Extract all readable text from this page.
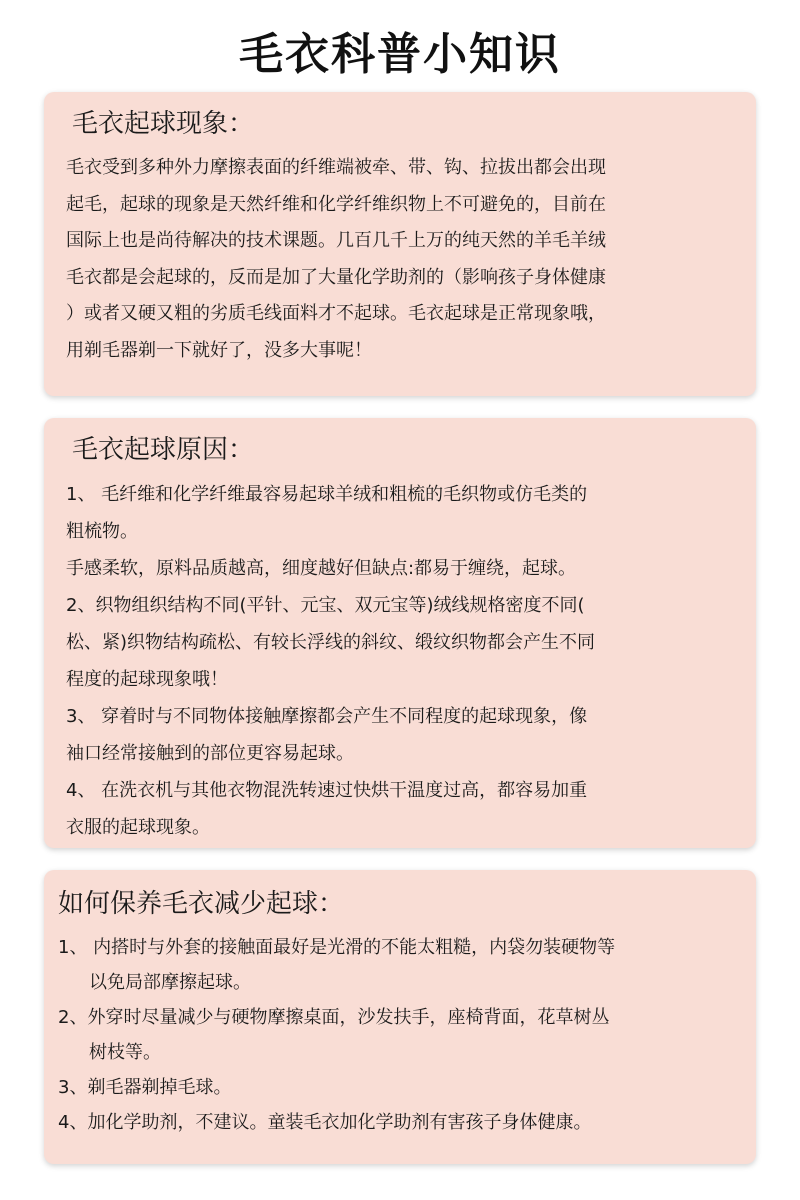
毛衣科普小知识
毛衣起球现象：
毛衣受到多种外力摩擦表面的纤维端被牵、带、钩、拉拔出都会出现
起毛，起球的现象是天然纤维和化学纤维织物上不可避免的，目前在
国际上也是尚待解决的技术课题。几百几千上万的纯天然的羊毛羊绒
毛衣都是会起球的，反而是加了大量化学助剂的（影响孩子身体健康
）或者又硬又粗的劣质毛线面料才不起球。毛衣起球是正常现象哦，
用剃毛器剃一下就好了，没多大事呢！
毛衣起球原因：
1、 毛纤维和化学纤维最容易起球羊绒和粗梳的毛织物或仿毛类的
粗梳物。
手感柔软，原料品质越高，细度越好但缺点:都易于缠绕，起球。
2、织物组织结构不同(平针、元宝、双元宝等)绒线规格密度不同(
松、紧)织物结构疏松、有较长浮线的斜纹、缎纹织物都会产生不同
程度的起球现象哦！
3、 穿着时与不同物体接触摩擦都会产生不同程度的起球现象，像
袖口经常接触到的部位更容易起球。
4、 在洗衣机与其他衣物混洗转速过快烘干温度过高，都容易加重
衣服的起球现象。
如何保养毛衣减少起球：

1、 内搭时与外套的接触面最好是光滑的不能太粗糙，内袋勿装硬物等

以免局部摩擦起球。

2、外穿时尽量减少与硬物摩擦桌面，沙发扶手，座椅背面，花草树丛

树枝等。

3、剃毛器剃掉毛球。

4、加化学助剂，不建议。童装毛衣加化学助剂有害孩子身体健康。
